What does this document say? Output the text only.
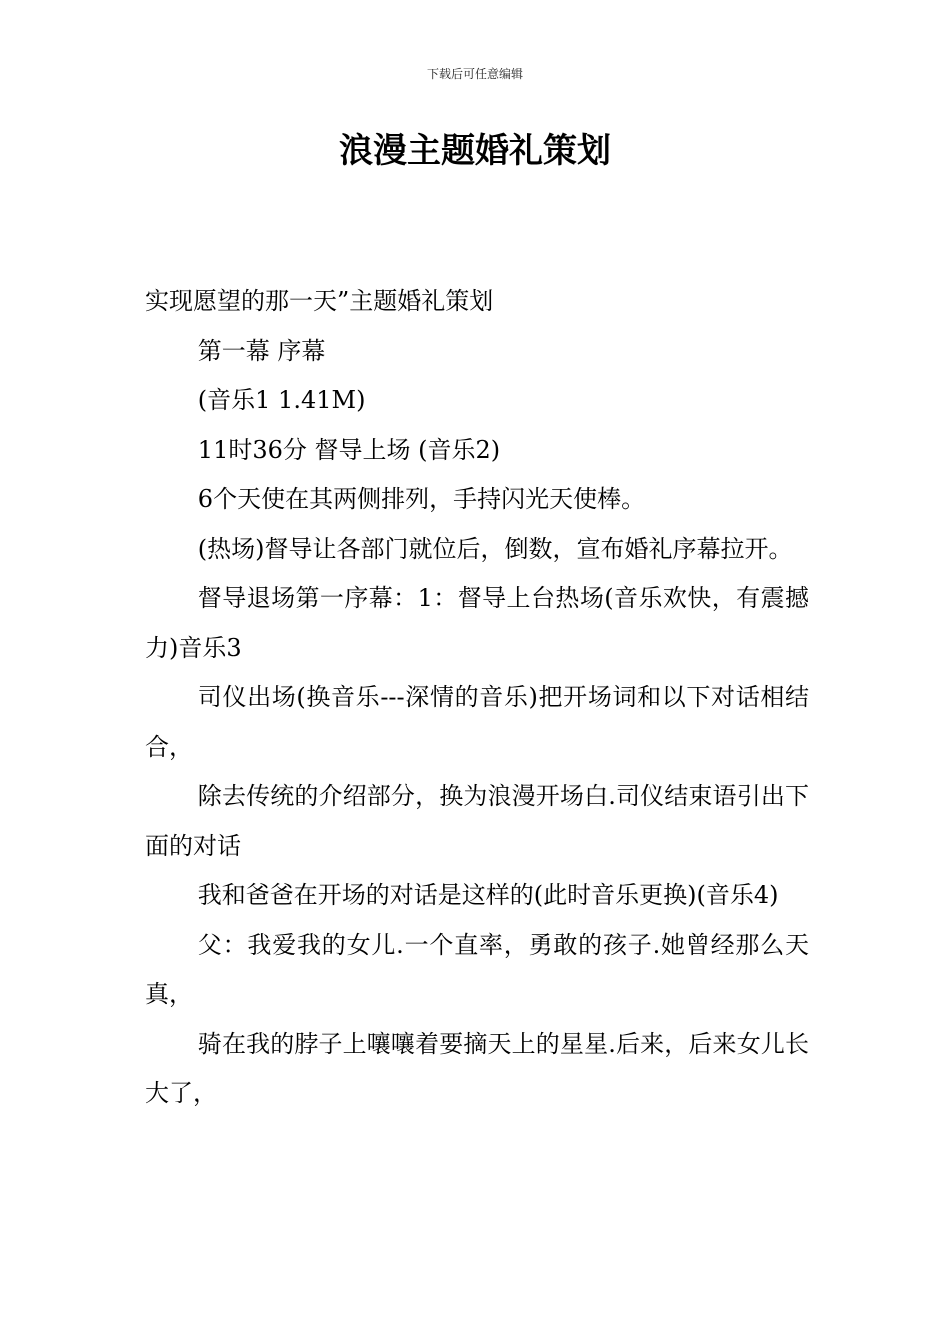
下载后可任意编辑
浪漫主题婚礼策划

实现愿望的那一天”主题婚礼策划

第一幕 序幕

(音乐1 1.41M)

11时36分 督导上场 (音乐2)

6个天使在其两侧排列，手持闪光天使棒。

(热场)督导让各部门就位后，倒数，宣布婚礼序幕拉开。

督导退场第一序幕：1：督导上台热场(音乐欢快，有震撼力)音乐3

司仪出场(换音乐---深情的音乐)把开场词和以下对话相结合，

除去传统的介绍部分，换为浪漫开场白.司仪结束语引出下面的对话

我和爸爸在开场的对话是这样的(此时音乐更换)(音乐4)

父：我爱我的女儿.一个直率，勇敢的孩子.她曾经那么天真，

骑在我的脖子上嚷嚷着要摘天上的星星.后来，后来女儿长大了，
